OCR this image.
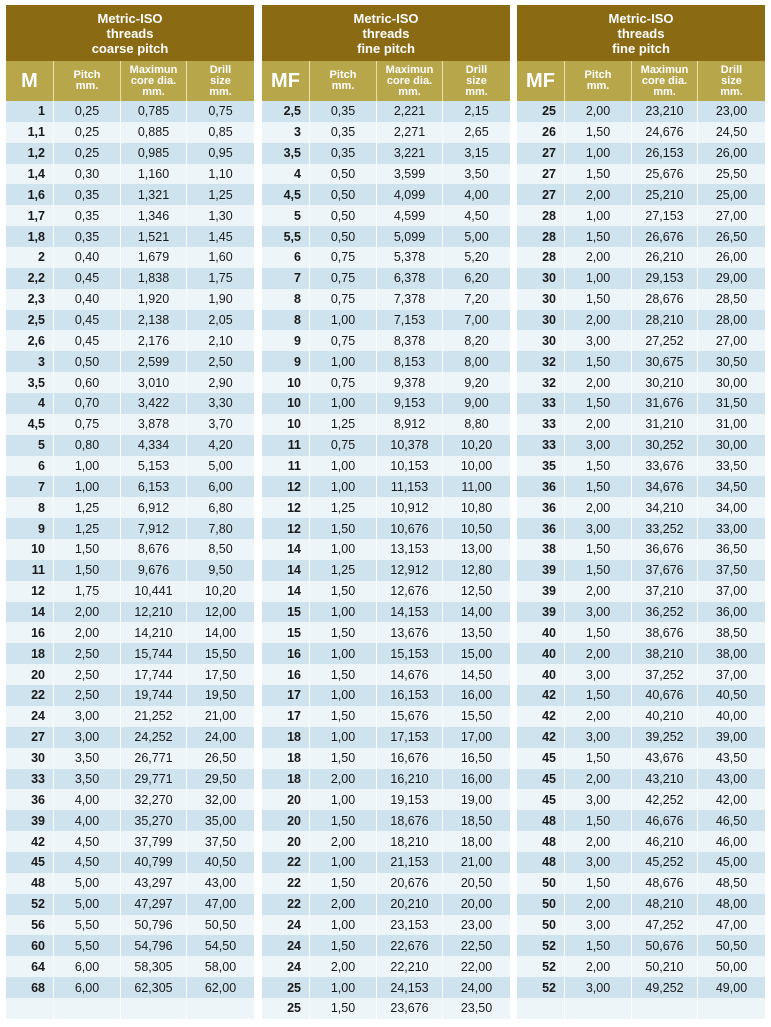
Metric-ISO
threads
coarse pitch
M	Pitch
mm.
Maximun
core dia.
mm.
Drill
size
mm.
1	0,25	0,785	0,75
1,1	0,25	0,885	0,85
1,2	0,25	0,985	0,95
1,4	0,30	1,160	1,10
1,6	0,35	1,321	1,25
1,7	0,35	1,346	1,30
1,8	0,35	1,521	1,45
2	0,40	1,679	1,60
2,2	0,45	1,838	1,75
2,3	0,40	1,920	1,90
2,5	0,45	2,138	2,05
2,6	0,45	2,176	2,10
3	0,50	2,599	2,50
3,5	0,60	3,010	2,90
4	0,70	3,422	3,30
4,5	0,75	3,878	3,70
5	0,80	4,334	4,20
6	1,00	5,153	5,00
7	1,00	6,153	6,00
8	1,25	6,912	6,80
9	1,25	7,912	7,80
10	1,50	8,676	8,50
11	1,50	9,676	9,50
12	1,75	10,441	10,20
14	2,00	12,210	12,00
16	2,00	14,210	14,00
18	2,50	15,744	15,50
20	2,50	17,744	17,50
22	2,50	19,744	19,50
24	3,00	21,252	21,00
27	3,00	24,252	24,00
30	3,50	26,771	26,50
33	3,50	29,771	29,50
36	4,00	32,270	32,00
39	4,00	35,270	35,00
42	4,50	37,799	37,50
45	4,50	40,799	40,50
48	5,00	43,297	43,00
52	5,00	47,297	47,00
56	5,50	50,796	50,50
60	5,50	54,796	54,50
64	6,00	58,305	58,00
68	6,00	62,305	62,00
Metric-ISO
threads
fine pitch
MF	Pitch
mm.
Maximun
core dia.
mm.
Drill
size
mm.
2,5	0,35	2,221	2,15
3	0,35	2,271	2,65
3,5	0,35	3,221	3,15
4	0,50	3,599	3,50
4,5	0,50	4,099	4,00
5	0,50	4,599	4,50
5,5	0,50	5,099	5,00
6	0,75	5,378	5,20
7	0,75	6,378	6,20
8	0,75	7,378	7,20
8	1,00	7,153	7,00
9	0,75	8,378	8,20
9	1,00	8,153	8,00
10	0,75	9,378	9,20
10	1,00	9,153	9,00
10	1,25	8,912	8,80
11	0,75	10,378	10,20
11	1,00	10,153	10,00
12	1,00	11,153	11,00
12	1,25	10,912	10,80
12	1,50	10,676	10,50
14	1,00	13,153	13,00
14	1,25	12,912	12,80
14	1,50	12,676	12,50
15	1,00	14,153	14,00
15	1,50	13,676	13,50
16	1,00	15,153	15,00
16	1,50	14,676	14,50
17	1,00	16,153	16,00
17	1,50	15,676	15,50
18	1,00	17,153	17,00
18	1,50	16,676	16,50
18	2,00	16,210	16,00
20	1,00	19,153	19,00
20	1,50	18,676	18,50
20	2,00	18,210	18,00
22	1,00	21,153	21,00
22	1,50	20,676	20,50
22	2,00	20,210	20,00
24	1,00	23,153	23,00
24	1,50	22,676	22,50
24	2,00	22,210	22,00
25	1,00	24,153	24,00
25	1,50	23,676	23,50
Metric-ISO
threads
fine pitch
MF	Pitch
mm.
Maximun
core dia.
mm.
Drill
size
mm.
25	2,00	23,210	23,00
26	1,50	24,676	24,50
27	1,00	26,153	26,00
27	1,50	25,676	25,50
27	2,00	25,210	25,00
28	1,00	27,153	27,00
28	1,50	26,676	26,50
28	2,00	26,210	26,00
30	1,00	29,153	29,00
30	1,50	28,676	28,50
30	2,00	28,210	28,00
30	3,00	27,252	27,00
32	1,50	30,675	30,50
32	2,00	30,210	30,00
33	1,50	31,676	31,50
33	2,00	31,210	31,00
33	3,00	30,252	30,00
35	1,50	33,676	33,50
36	1,50	34,676	34,50
36	2,00	34,210	34,00
36	3,00	33,252	33,00
38	1,50	36,676	36,50
39	1,50	37,676	37,50
39	2,00	37,210	37,00
39	3,00	36,252	36,00
40	1,50	38,676	38,50
40	2,00	38,210	38,00
40	3,00	37,252	37,00
42	1,50	40,676	40,50
42	2,00	40,210	40,00
42	3,00	39,252	39,00
45	1,50	43,676	43,50
45	2,00	43,210	43,00
45	3,00	42,252	42,00
48	1,50	46,676	46,50
48	2,00	46,210	46,00
48	3,00	45,252	45,00
50	1,50	48,676	48,50
50	2,00	48,210	48,00
50	3,00	47,252	47,00
52	1,50	50,676	50,50
52	2,00	50,210	50,00
52	3,00	49,252	49,00
